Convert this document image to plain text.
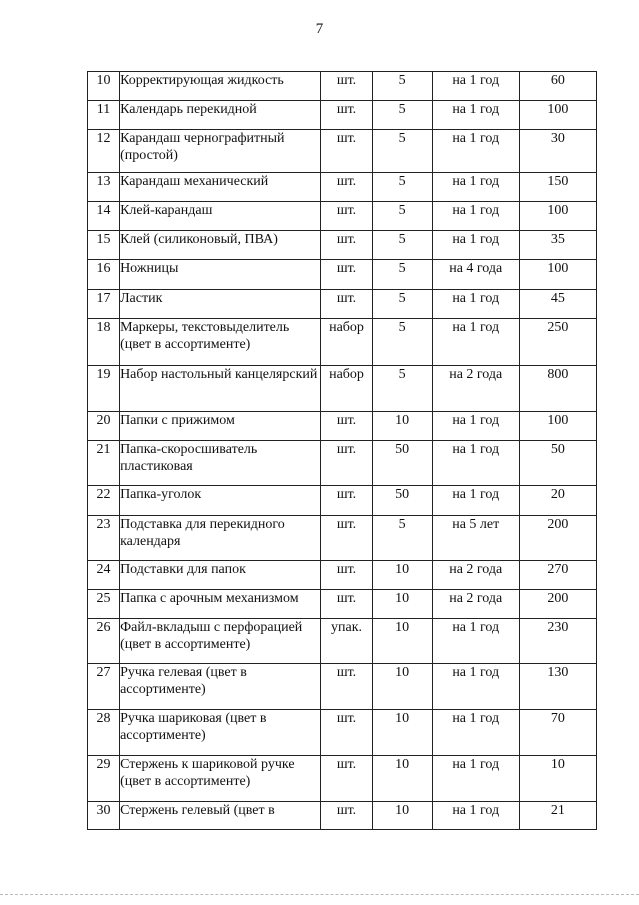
7
10	Корректирующая жидкость	шт.	5	на 1 год	60
11	Календарь перекидной	шт.	5	на 1 год	100
12	Карандаш чернографитный (простой)	шт.	5	на 1 год	30
13	Карандаш механический	шт.	5	на 1 год	150
14	Клей-карандаш	шт.	5	на 1 год	100
15	Клей (силиконовый, ПВА)	шт.	5	на 1 год	35
16	Ножницы	шт.	5	на 4 года	100
17	Ластик	шт.	5	на 1 год	45
18	Маркеры, текстовыделитель (цвет в ассортименте)	набор	5	на 1 год	250
19	Набор настольный канцелярский	набор	5	на 2 года	800
20	Папки с прижимом	шт.	10	на 1 год	100
21	Папка-скоросшиватель пластиковая	шт.	50	на 1 год	50
22	Папка-уголок	шт.	50	на 1 год	20
23	Подставка для перекидного календаря	шт.	5	на 5 лет	200
24	Подставки для папок	шт.	10	на 2 года	270
25	Папка с арочным механизмом	шт.	10	на 2 года	200
26	Файл-вкладыш с перфорацией (цвет в ассортименте)	упак.	10	на 1 год	230
27	Ручка гелевая (цвет в ассортименте)	шт.	10	на 1 год	130
28	Ручка шариковая (цвет в ассортименте)	шт.	10	на 1 год	70
29	Стержень к шариковой ручке (цвет в ассортименте)	шт.	10	на 1 год	10
30	Стержень гелевый (цвет в	шт.	10	на 1 год	21
